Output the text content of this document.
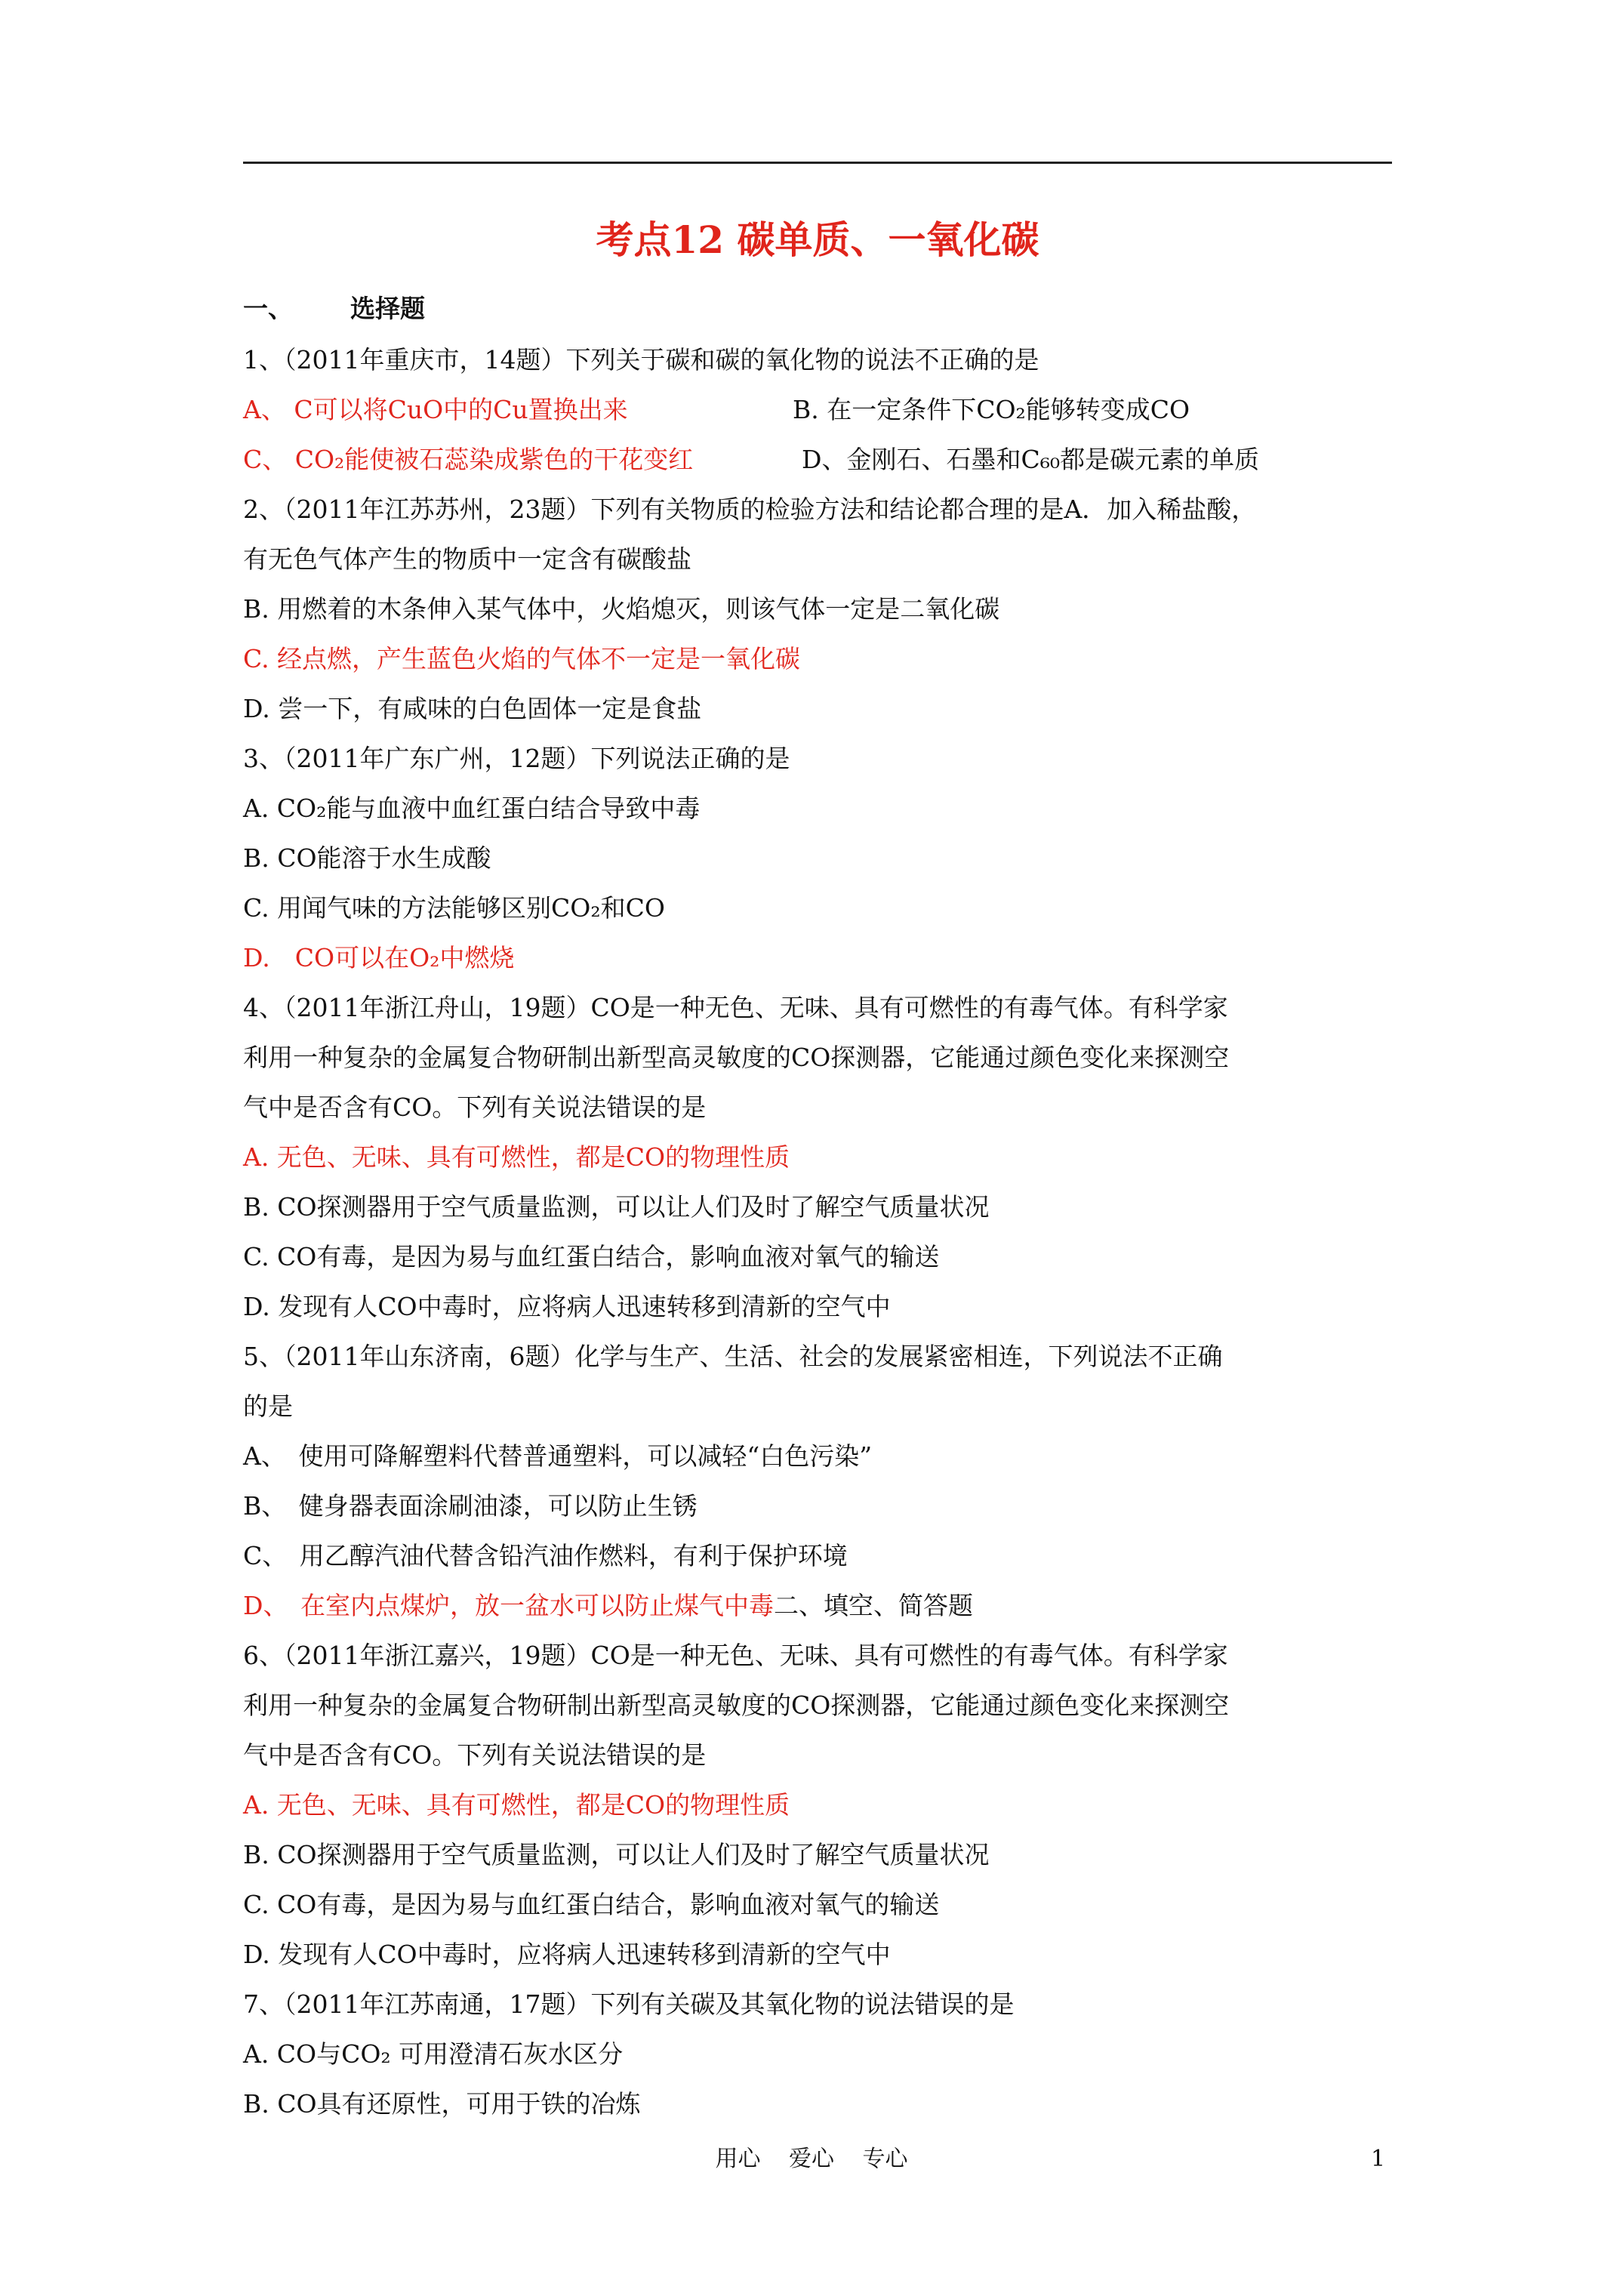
考点12 碳单质、一氧化碳
一、 选择题
1、（2011年重庆市，14题）下列关于碳和碳的氧化物的说法不正确的是
A、 C可以将CuO中的Cu置换出来	B. 在一定条件下CO₂能够转变成CO
C、 CO₂能使被石蕊染成紫色的干花变红	D、金刚石、石墨和C₆₀都是碳元素的单质
2、（2011年江苏苏州，23题）下列有关物质的检验方法和结论都合理的是A．加入稀盐酸，
有无色气体产生的物质中一定含有碳酸盐
B. 用燃着的木条伸入某气体中，火焰熄灭，则该气体一定是二氧化碳
C. 经点燃，产生蓝色火焰的气体不一定是一氧化碳
D. 尝一下，有咸味的白色固体一定是食盐
3、（2011年广东广州，12题）下列说法正确的是
A. CO₂能与血液中血红蛋白结合导致中毒
B. CO能溶于水生成酸
C. 用闻气味的方法能够区别CO₂和CO
D.　CO可以在O₂中燃烧
4、（2011年浙江舟山，19题）CO是一种无色、无味、具有可燃性的有毒气体。有科学家
利用一种复杂的金属复合物研制出新型高灵敏度的CO探测器，它能通过颜色变化来探测空
气中是否含有CO。下列有关说法错误的是
A. 无色、无味、具有可燃性，都是CO的物理性质
B. CO探测器用于空气质量监测，可以让人们及时了解空气质量状况
C. CO有毒，是因为易与血红蛋白结合，影响血液对氧气的输送
D. 发现有人CO中毒时，应将病人迅速转移到清新的空气中
5、（2011年山东济南，6题）化学与生产、生活、社会的发展紧密相连，下列说法不正确
的是
A、　使用可降解塑料代替普通塑料，可以减轻“白色污染”
B、　健身器表面涂刷油漆，可以防止生锈
C、　用乙醇汽油代替含铅汽油作燃料，有利于保护环境
D、　在室内点煤炉，放一盆水可以防止煤气中毒二、填空、简答题
6、（2011年浙江嘉兴，19题）CO是一种无色、无味、具有可燃性的有毒气体。有科学家
利用一种复杂的金属复合物研制出新型高灵敏度的CO探测器，它能通过颜色变化来探测空
气中是否含有CO。下列有关说法错误的是
A. 无色、无味、具有可燃性，都是CO的物理性质
B. CO探测器用于空气质量监测，可以让人们及时了解空气质量状况
C. CO有毒，是因为易与血红蛋白结合，影响血液对氧气的输送
D. 发现有人CO中毒时，应将病人迅速转移到清新的空气中
7、（2011年江苏南通，17题）下列有关碳及其氧化物的说法错误的是
A. CO与CO₂ 可用澄清石灰水区分
B. CO具有还原性，可用于铁的冶炼
用心 爱心 专心	1
